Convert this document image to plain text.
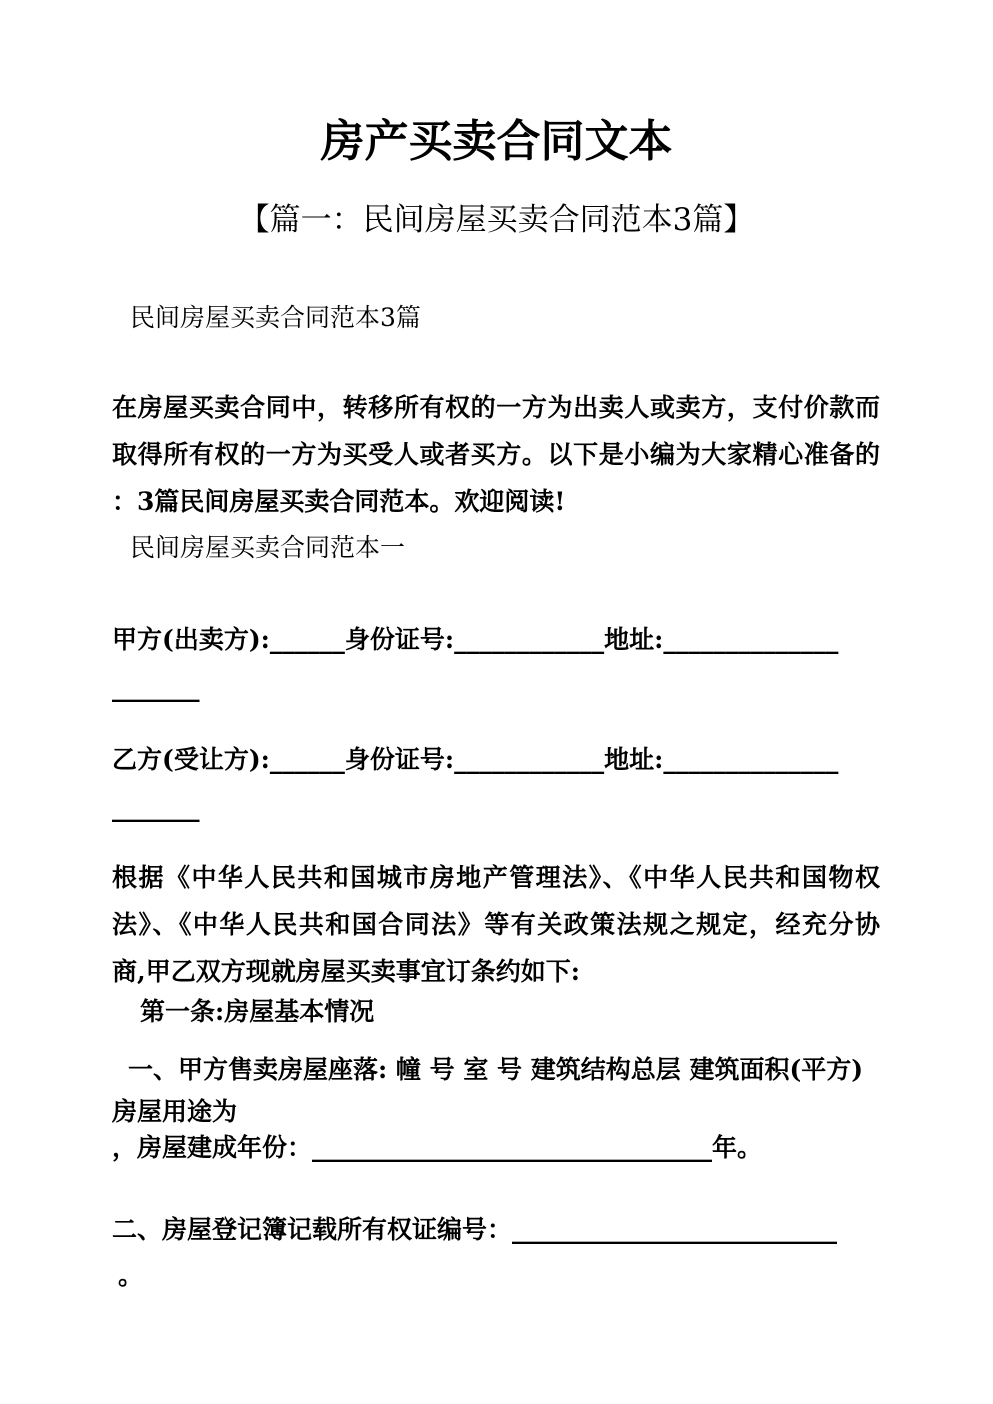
房产买卖合同文本
【篇一：民间房屋买卖合同范本3篇】
民间房屋买卖合同范本3篇
在房屋买卖合同中，转移所有权的一方为出卖人或卖方，支付价款而
取得所有权的一方为买受人或者买方。以下是小编为大家精心准备的
：3篇民间房屋买卖合同范本。欢迎阅读!
民间房屋买卖合同范本一
甲方(出卖方):______身份证号:____________地址:______________
_______
乙方(受让方):______身份证号:____________地址:______________
_______
根据《中华人民共和国城市房地产管理法》、《中华人民共和国物权
法》、《中华人民共和国合同法》等有关政策法规之规定，经充分协
商,甲乙双方现就房屋买卖事宜订条约如下:
第一条:房屋基本情况
一、甲方售卖房屋座落: 幢 号 室 号 建筑结构总层 建筑面积(平方)
房屋用途为
，房屋建成年份：________________________________年。
二、房屋登记簿记载所有权证编号：__________________________
。
